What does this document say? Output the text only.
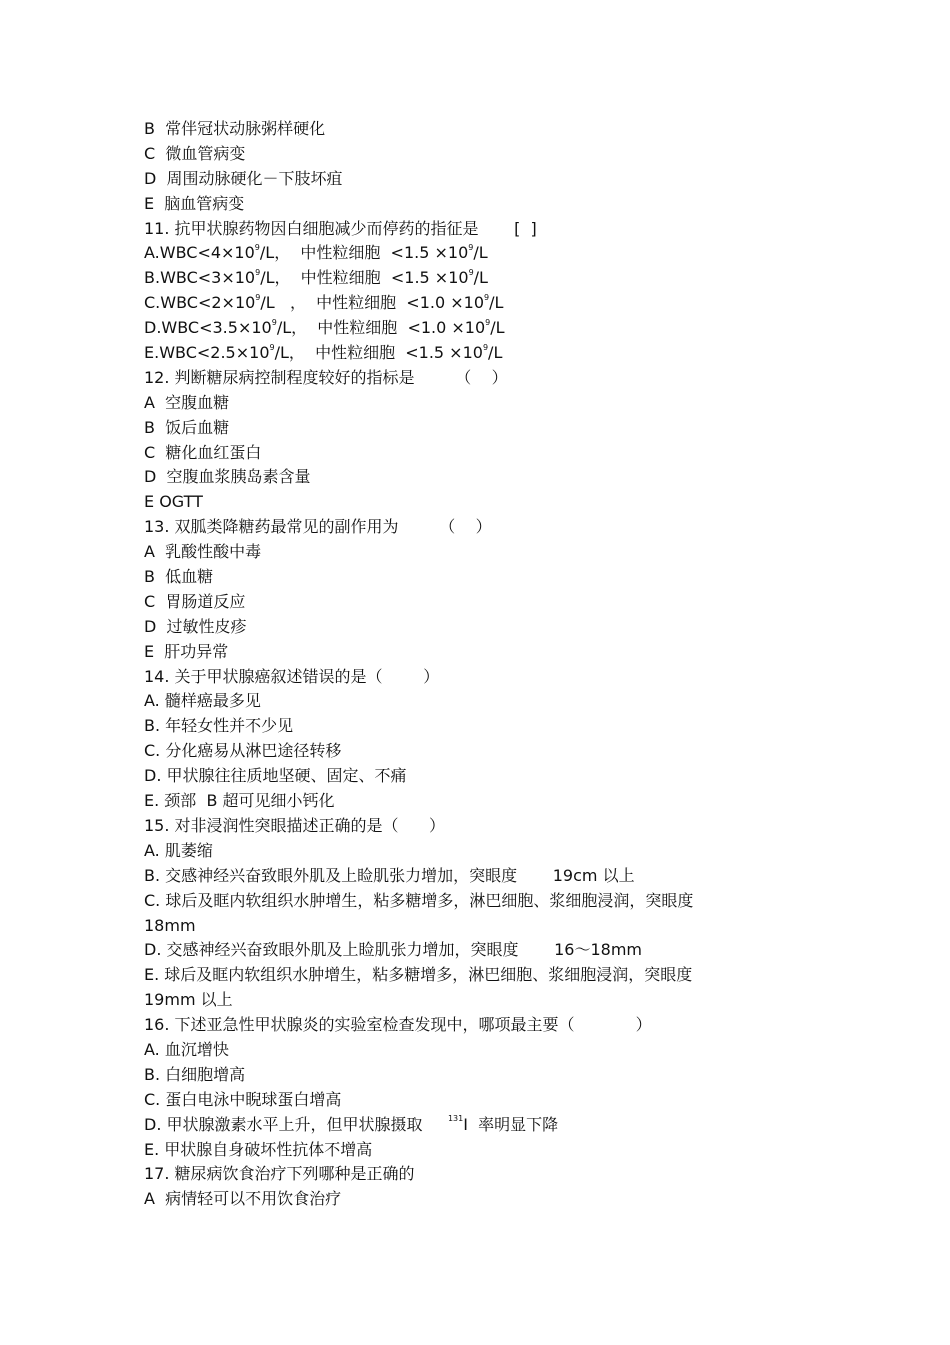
B  常伴冠状动脉粥样硬化
C  微血管病变
D  周围动脉硬化－下肢坏疽
E  脑血管病变
11. 抗甲状腺药物因白细胞减少而停药的指征是       [  ]
$A.WBC<4\times 10^9/L$，  中性粒细胞  $<1.5 \times 10^9/L$
$B.WBC<3\times 10^9/L$，  中性粒细胞  $<1.5 \times 10^9/L$
$C.WBC<2\times 10^9/L$   ，  中性粒细胞  $<1.0 \times 10^9/L$
$D.WBC<3.5\times 10^9/L$，  中性粒细胞  $<1.0 \times 10^9/L$
$E.WBC<2.5\times 10^9/L$，  中性粒细胞  $<1.5 \times 10^9/L$
12. 判断糖尿病控制程度较好的指标是        （    ）
A  空腹血糖
B  饭后血糖
C  糖化血红蛋白
D  空腹血浆胰岛素含量
E OGTT
13. 双胍类降糖药最常见的副作用为        （    ）
A  乳酸性酸中毒
B  低血糖
C  胃肠道反应
D  过敏性皮疹
E  肝功异常
14. 关于甲状腺癌叙述错误的是（        ）
A. 髓样癌最多见
B. 年轻女性并不少见
C. 分化癌易从淋巴途径转移
D. 甲状腺往往质地坚硬、固定、不痛
E. 颈部  B 超可见细小钙化
15. 对非浸润性突眼描述正确的是（      ）
A. 肌萎缩
B. 交感神经兴奋致眼外肌及上睑肌张力增加，突眼度       19cm 以上
C. 球后及眶内软组织水肿增生，粘多糖增多，淋巴细胞、浆细胞浸润，突眼度
18mm
D. 交感神经兴奋致眼外肌及上睑肌张力增加，突眼度       16～18mm
E. 球后及眶内软组织水肿增生，粘多糖增多，淋巴细胞、浆细胞浸润，突眼度
19mm 以上
16. 下述亚急性甲状腺炎的实验室检查发现中，哪项最主要（            ）
A. 血沉增快
B. 白细胞增高
C. 蛋白电泳中睨球蛋白增高
D. 甲状腺激素水平上升，但甲状腺摄取     $^{131}$I  率明显下降
E. 甲状腺自身破坏性抗体不增高
17. 糖尿病饮食治疗下列哪种是正确的
A  病情轻可以不用饮食治疗
